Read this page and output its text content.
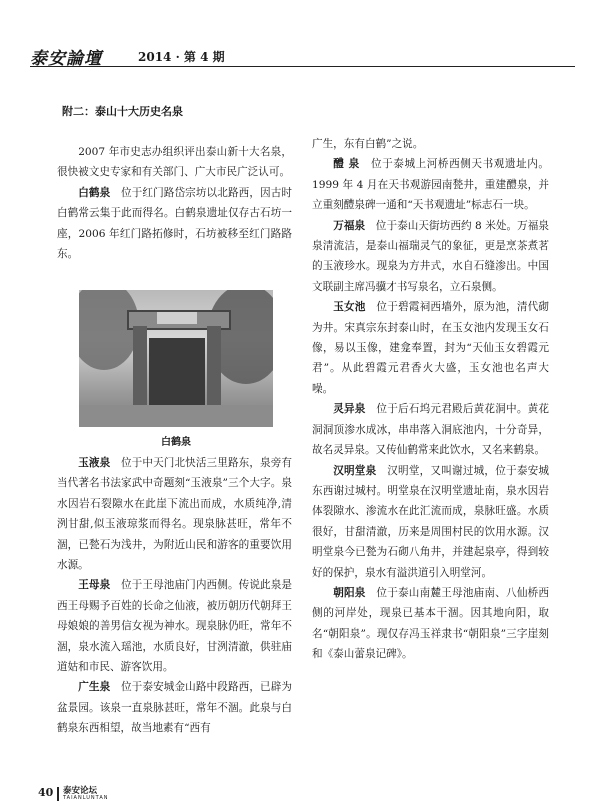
泰安論壇	2014 · 第 4 期
附二：泰山十大历史名泉

2007 年市史志办组织评出泰山新十大名泉，很快被文史专家和有关部门、广大市民广泛认可。

白鹤泉　 位于红门路岱宗坊以北路西，因古时白鹤常云集于此而得名。白鹤泉遗址仅存古石坊一座，2006 年红门路拓修时，石坊被移至红门路路东。

白鹤泉

玉液泉　 位于中天门北快活三里路东，泉旁有当代著名书法家武中奇题刻“玉液泉”三个大字。泉水因岩石裂隙水在此崖下流出而成，水质纯净,清洌甘甜,似玉液琼浆而得名。现泉脉甚旺，常年不涸，已甃石为浅井，为附近山民和游客的重要饮用水源。

王母泉　 位于王母池庙门内西侧。传说此泉是西王母赐予百姓的长命之仙液，被历朝历代朝拜王母娘娘的善男信女视为神水。现泉脉仍旺，常年不涸，泉水流入瑶池，水质良好，甘洌清澈，供驻庙道姑和市民、游客饮用。

广生泉　 位于泰安城金山路中段路西，已辟为盆景园。该泉一直泉脉甚旺，常年不涸。此泉与白鹤泉东西相望，故当地素有“西有

广生，东有白鹤”之说。

醴 泉　 位于泰城上河桥西侧天书观遗址内。1999 年 4 月在天书观游园南甃井，重建醴泉，并立重刻醴泉碑一通和“天书观遗址”标志石一块。

万福泉　 位于泰山天街坊西约 8 米处。万福泉泉清流洁，是泰山福瑞灵气的象征，更是烹茶煮茗的玉液珍水。现泉为方井式，水自石缝渗出。中国文联副主席冯骥才书写泉名，立石泉侧。

玉女池　 位于碧霞祠西墙外，原为池，清代砌为井。宋真宗东封泰山时，在玉女池内发现玉女石像，易以玉像，建龛奉置，封为“天仙玉女碧霞元君”。从此碧霞元君香火大盛，玉女池也名声大噪。

灵异泉　 位于后石坞元君殿后黄花洞中。黄花洞洞顶渗水成冰，串串落入洞底池内，十分奇异，故名灵异泉。又传仙鹤常来此饮水，又名来鹤泉。

汉明堂泉　 汉明堂，又叫谢过城，位于泰安城东西谢过城村。明堂泉在汉明堂遗址南，泉水因岩体裂隙水、渗流水在此汇流而成，泉脉旺盛。水质很好，甘甜清澈，历来是周围村民的饮用水源。汉明堂泉今已甃为石砌八角井，并建起泉亭，得到较好的保护，泉水有溢洪道引入明堂河。

朝阳泉　 位于泰山南麓王母池庙南、八仙桥西侧的河岸处，现泉已基本干涸。因其地向阳，取名“朝阳泉”。现仅存冯玉祥隶书“朝阳泉”三字崖刻和《泰山蕾泉记碑》。

40 泰安论坛
TAIANLUNTAN
